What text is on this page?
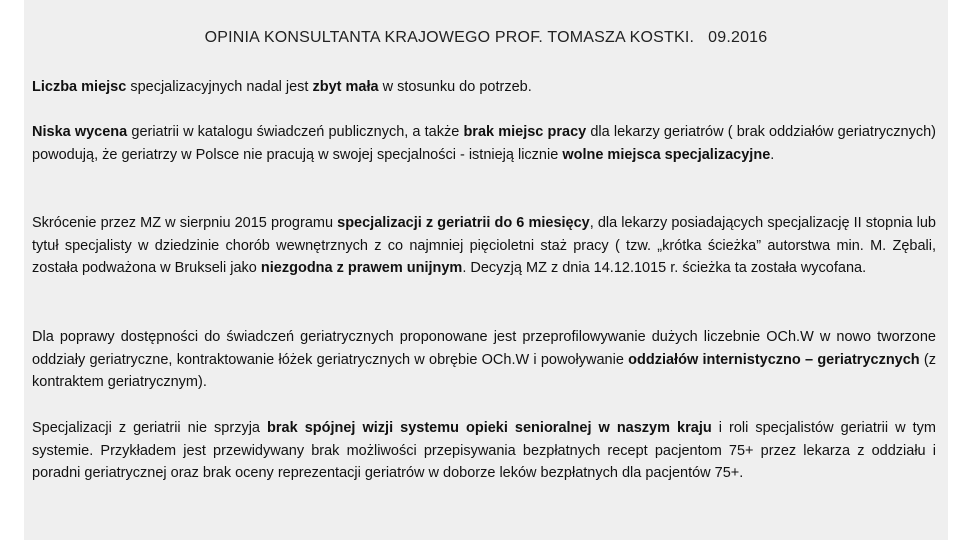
OPINIA KONSULTANTA KRAJOWEGO PROF. TOMASZA KOSTKI. 09.2016

Liczba miejsc specjalizacyjnych nadal jest zbyt mała w stosunku do potrzeb.

Niska wycena geriatrii w katalogu świadczeń publicznych, a także brak miejsc pracy dla lekarzy geriatrów ( brak oddziałów geriatrycznych) powodują, że geriatrzy w Polsce nie pracują w swojej specjalności - istnieją licznie wolne miejsca specjalizacyjne.

Skrócenie przez MZ w sierpniu 2015 programu specjalizacji z geriatrii do 6 miesięcy, dla lekarzy posiadających specjalizację II stopnia lub tytuł specjalisty w dziedzinie chorób wewnętrznych z co najmniej pięcioletni staż pracy ( tzw. „krótka ścieżka” autorstwa min. M. Zębali, została podważona w Brukseli jako niezgodna z prawem unijnym. Decyzją MZ z dnia 14.12.1015 r. ścieżka ta została wycofana.

Dla poprawy dostępności do świadczeń geriatrycznych proponowane jest przeprofilowywanie dużych liczebnie OCh.W w nowo tworzone oddziały geriatryczne, kontraktowanie łóżek geriatrycznych w obrębie OCh.W i powoływanie oddziałów internistyczno – geriatrycznych (z kontraktem geriatrycznym).

Specjalizacji z geriatrii nie sprzyja brak spójnej wizji systemu opieki senioralnej w naszym kraju i roli specjalistów geriatrii w tym systemie. Przykładem jest przewidywany brak możliwości przepisywania bezpłatnych recept pacjentom 75+ przez lekarza z oddziału i poradni geriatrycznej oraz brak oceny reprezentacji geriatrów w doborze leków bezpłatnych dla pacjentów 75+.
